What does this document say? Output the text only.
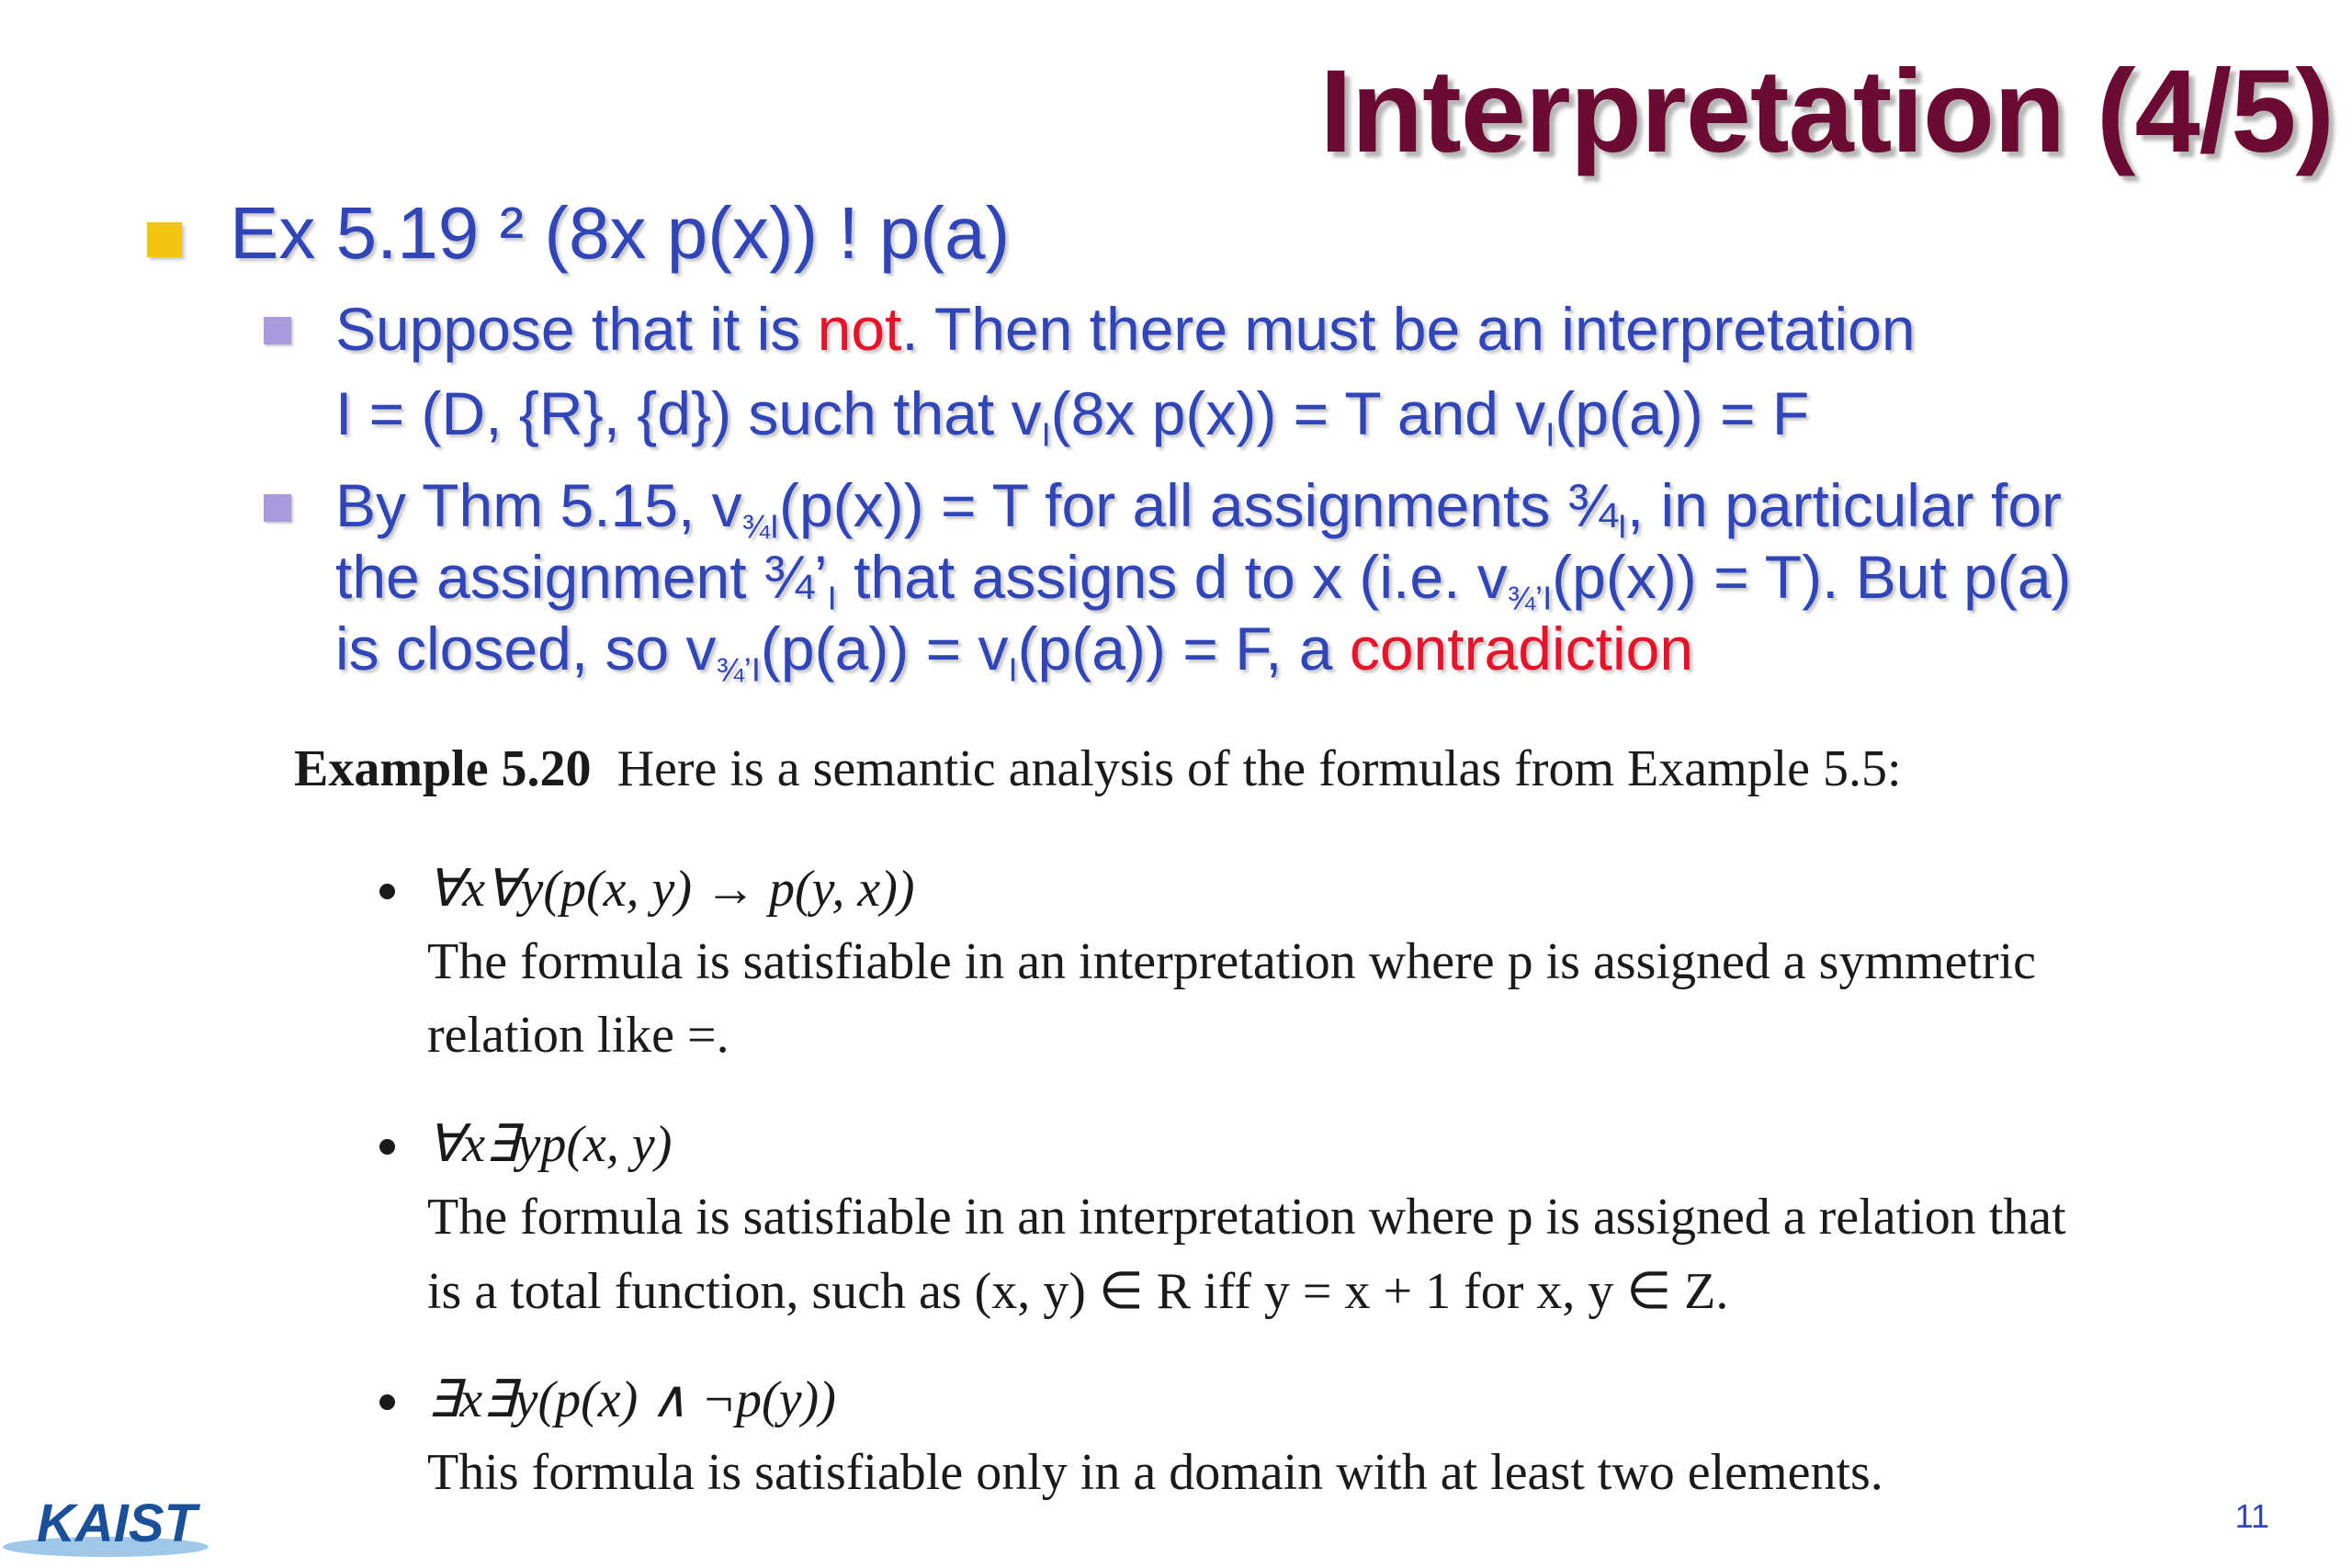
Interpretation (4/5)
Ex 5.19 ² (8x p(x)) ! p(a)
Suppose that it is not. Then there must be an interpretation
I = (D, {R}, {d}) such that $v_I(8x$ p(x)) = T and $v_I(p(a)) = F$
By Thm 5.15, $v_{\frac{3}{4}I}(p(x)) = T$ for all assignments $\frac{3}{4}_I$, in particular for
the assignment $\frac{3}{4}’_I$ that assigns d to x (i.e. $v_{\frac{3}{4}’I}(p(x)) = T$). But p(a)
is closed, so $v_{\frac{3}{4}’I}(p(a)) = v_I(p(a)) = F$, a contradiction
Example 5.20 Here is a semantic analysis of the formulas from Example 5.5:
∀x∀y(p(x, y) → p(y, x))
The formula is satisfiable in an interpretation where p is assigned a symmetric
relation like =.
∀x∃yp(x, y)
The formula is satisfiable in an interpretation where p is assigned a relation that
is a total function, such as (x, y) ∈ R iff y = x + 1 for x, y ∈ Z.
∃x∃y(p(x) ∧ ¬p(y))
This formula is satisfiable only in a domain with at least two elements.
KAIST	11
